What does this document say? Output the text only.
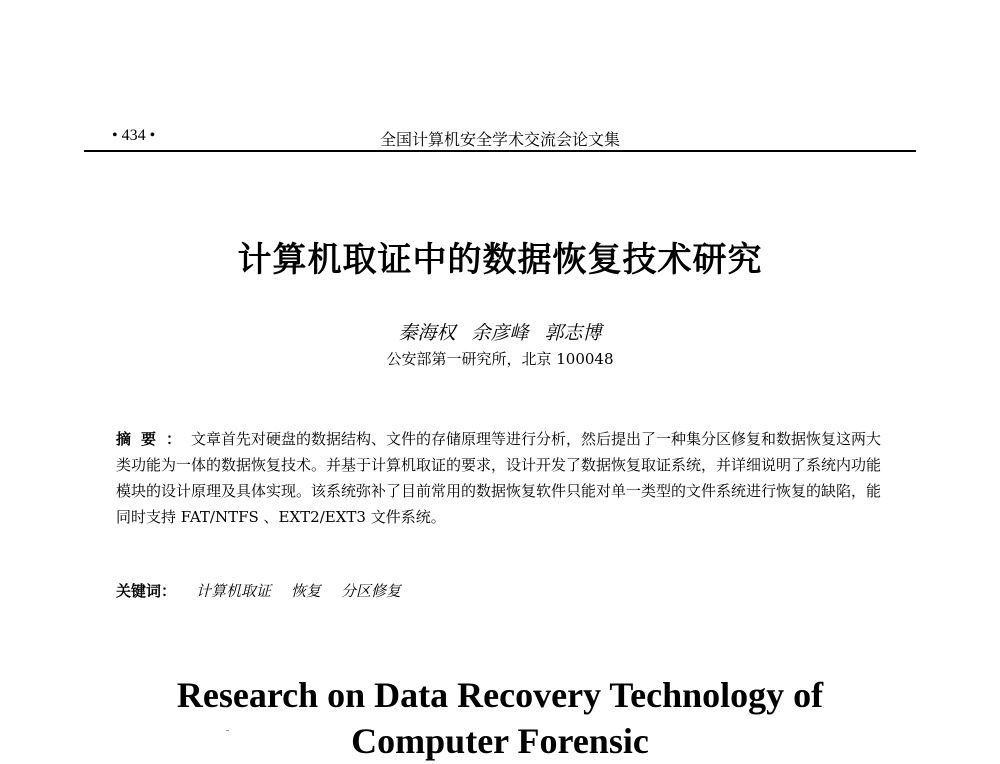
• 434 •	全国计算机安全学术交流会论文集
计算机取证中的数据恢复技术研究
秦海权 余彦峰 郭志博
公安部第一研究所，北京 100048
摘要：文章首先对硬盘的数据结构、文件的存储原理等进行分析，然后提出了一种集分区修复和数据恢复这两大类功能为一体的数据恢复技术。并基于计算机取证的要求，设计开发了数据恢复取证系统，并详细说明了系统内功能模块的设计原理及具体实现。该系统弥补了目前常用的数据恢复软件只能对单一类型的文件系统进行恢复的缺陷，能同时支持 FAT/NTFS 、EXT2/EXT3 文件系统。
关键词： 计算机取证 恢复 分区修复
Research on Data Recovery Technology of
Computer Forensic
